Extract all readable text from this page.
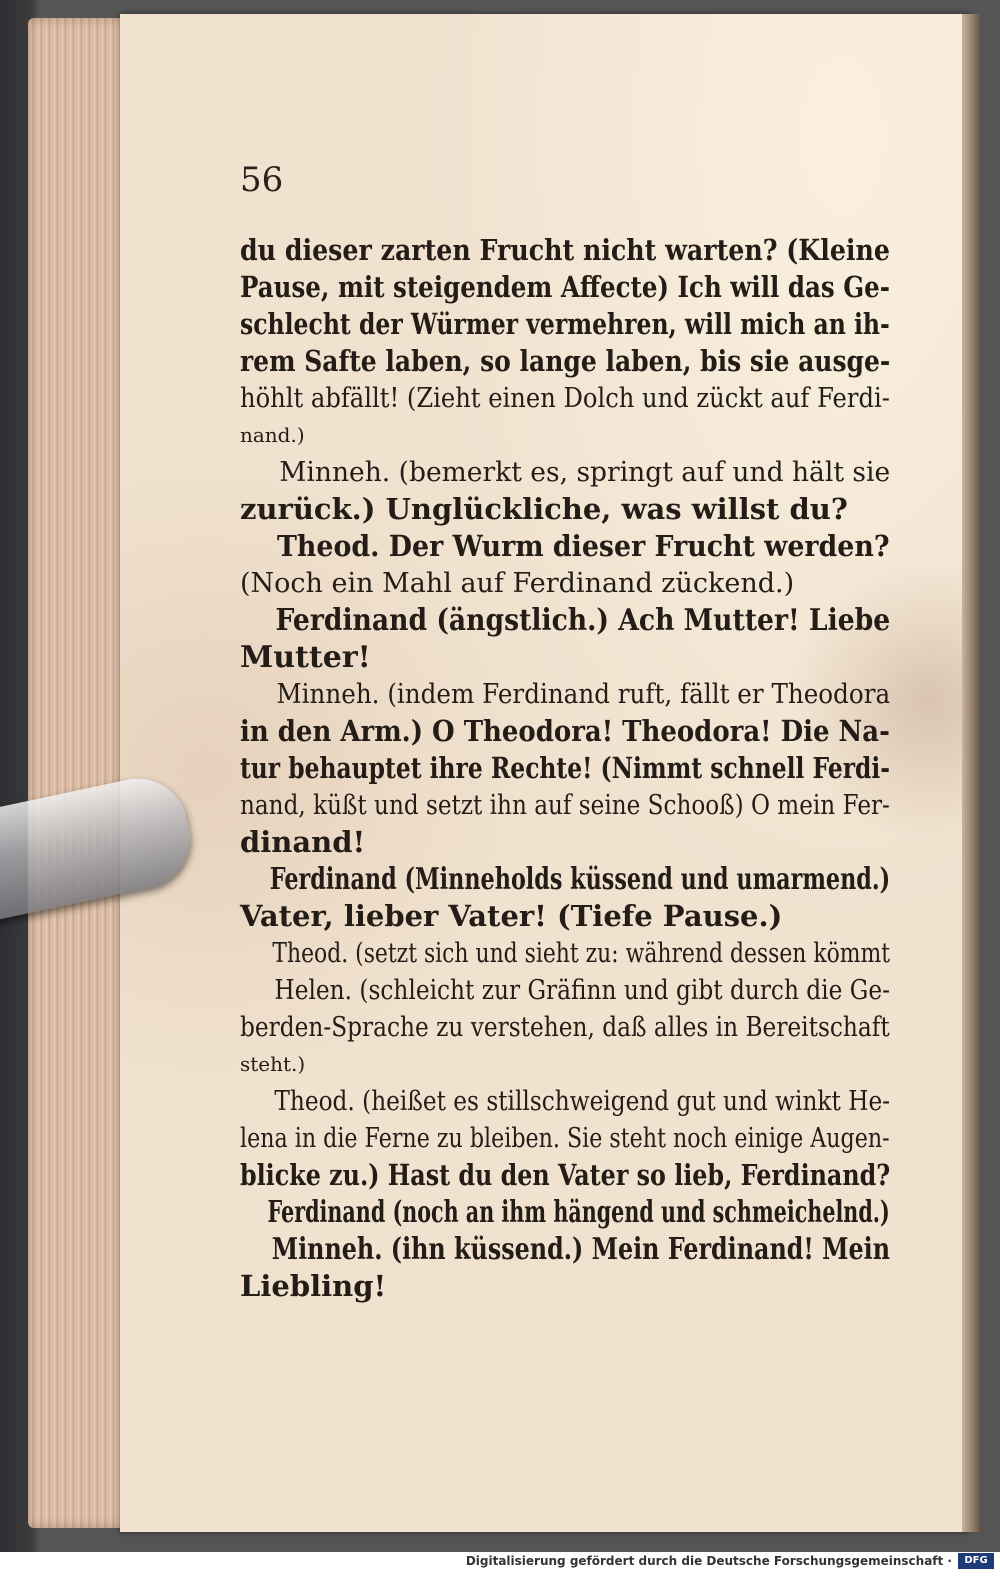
56
du dieser zarten Frucht nicht warten? (Kleine
Pause, mit steigendem Affecte) Ich will das Ge-
schlecht der Würmer vermehren, will mich an ih-
rem Safte laben, so lange laben, bis sie ausge-
höhlt abfällt! (Zieht einen Dolch und zückt auf Ferdi-
nand.)
Minneh. (bemerkt es, springt auf und hält sie
zurück.) Unglückliche, was willst du?
Theod. Der Wurm dieser Frucht werden?
(Noch ein Mahl auf Ferdinand zückend.)
Ferdinand (ängstlich.) Ach Mutter! Liebe
Mutter!
Minneh. (indem Ferdinand ruft, fällt er Theodora
in den Arm.) O Theodora! Theodora! Die Na-
tur behauptet ihre Rechte! (Nimmt schnell Ferdi-
nand, küßt und setzt ihn auf seine Schooß) O mein Fer-
dinand!
Ferdinand (Minneholds küssend und umarmend.)
Vater, lieber Vater! (Tiefe Pause.)
Theod. (setzt sich und sieht zu: während dessen kömmt
Helen. (schleicht zur Gräfinn und gibt durch die Ge-
berden-Sprache zu verstehen, daß alles in Bereitschaft
steht.)
Theod. (heißet es stillschweigend gut und winkt He-
lena in die Ferne zu bleiben. Sie steht noch einige Augen-
blicke zu.) Hast du den Vater so lieb, Ferdinand?
Ferdinand (noch an ihm hängend und schmeichelnd.)
Minneh. (ihn küssend.) Mein Ferdinand! Mein
Liebling!
Digitalisierung gefördert durch die Deutsche Forschungsgemeinschaft ·	DFG
